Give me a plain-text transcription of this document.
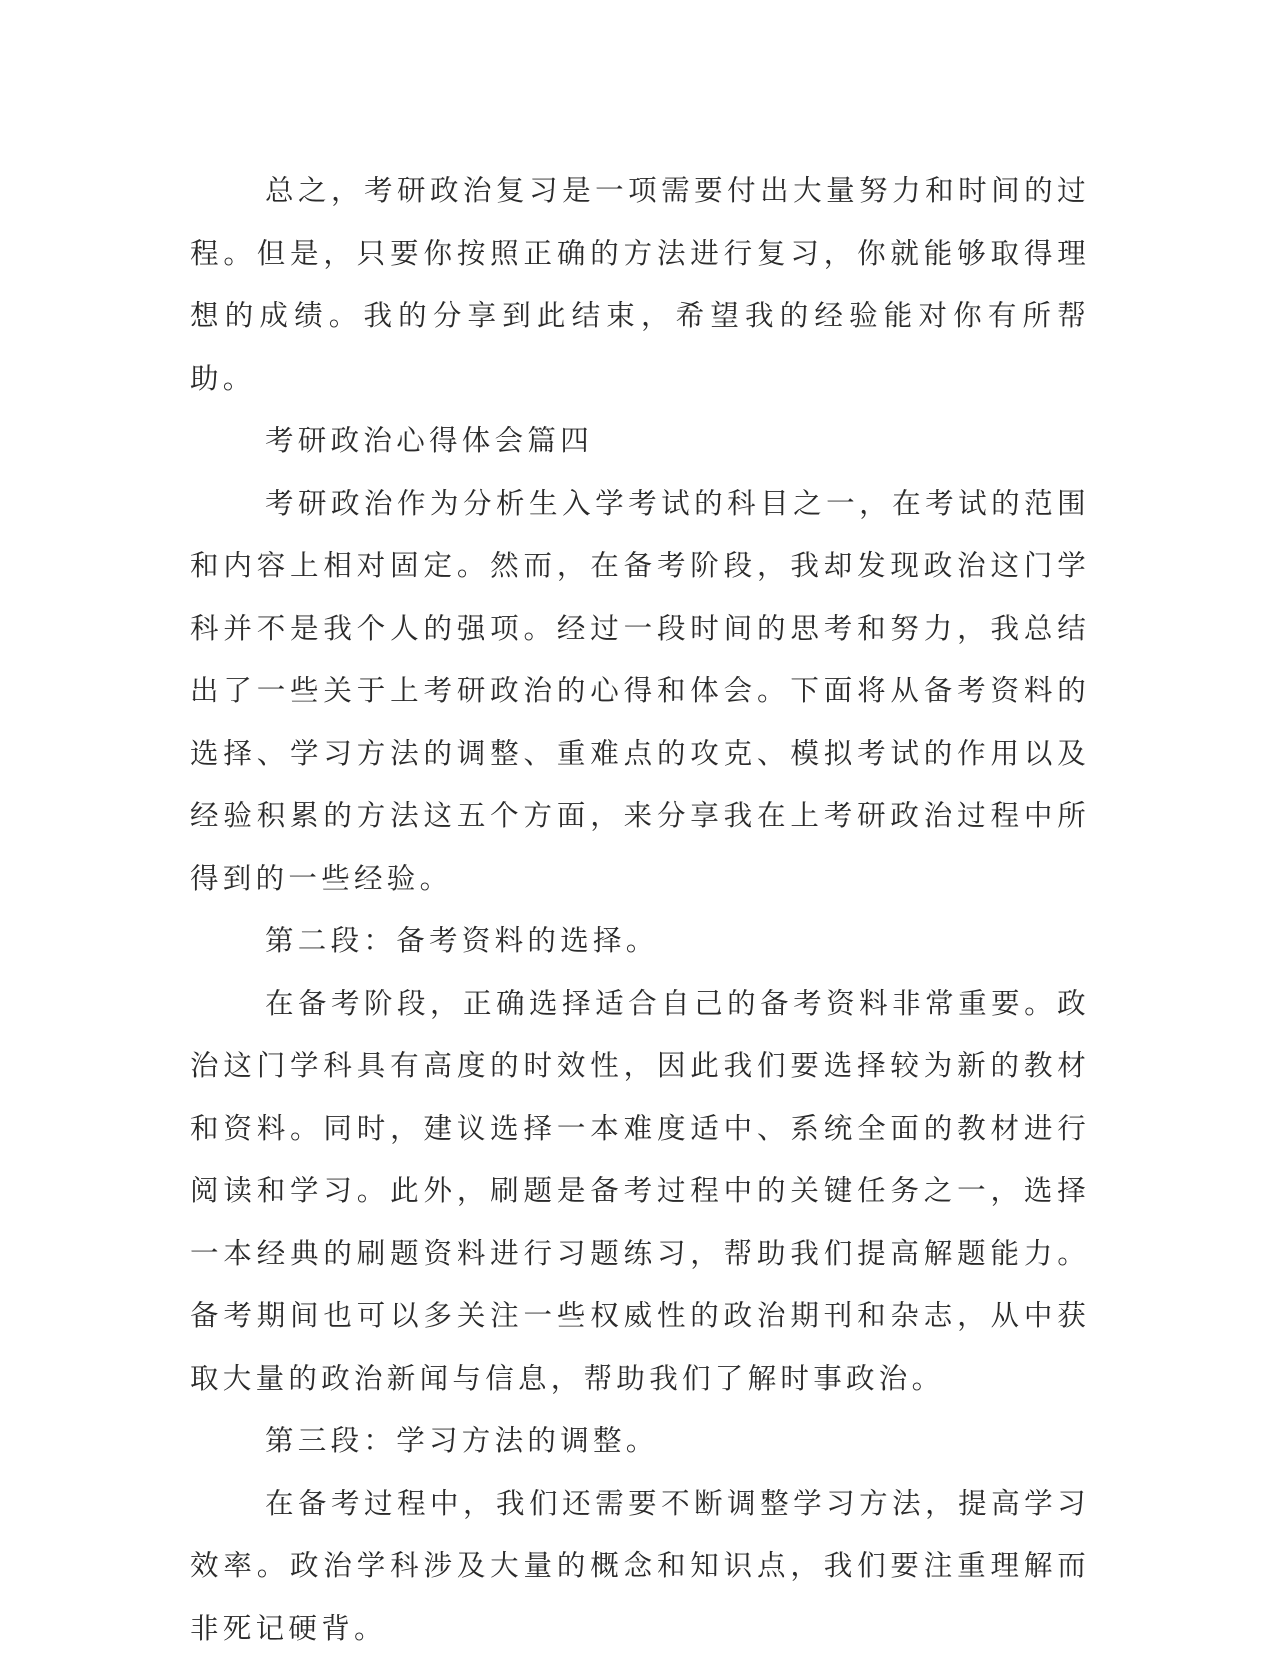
总之，考研政治复习是一项需要付出大量努力和时间的过程。但是，只要你按照正确的方法进行复习，你就能够取得理想的成绩。我的分享到此结束，希望我的经验能对你有所帮助。

考研政治心得体会篇四

考研政治作为分析生入学考试的科目之一，在考试的范围和内容上相对固定。然而，在备考阶段，我却发现政治这门学科并不是我个人的强项。经过一段时间的思考和努力，我总结出了一些关于上考研政治的心得和体会。下面将从备考资料的选择、学习方法的调整、重难点的攻克、模拟考试的作用以及经验积累的方法这五个方面，来分享我在上考研政治过程中所得到的一些经验。

第二段：备考资料的选择。

在备考阶段，正确选择适合自己的备考资料非常重要。政治这门学科具有高度的时效性，因此我们要选择较为新的教材和资料。同时，建议选择一本难度适中、系统全面的教材进行阅读和学习。此外，刷题是备考过程中的关键任务之一，选择一本经典的刷题资料进行习题练习，帮助我们提高解题能力。备考期间也可以多关注一些权威性的政治期刊和杂志，从中获取大量的政治新闻与信息，帮助我们了解时事政治。

第三段：学习方法的调整。

在备考过程中，我们还需要不断调整学习方法，提高学习效率。政治学科涉及大量的概念和知识点，我们要注重理解而非死记硬背。
